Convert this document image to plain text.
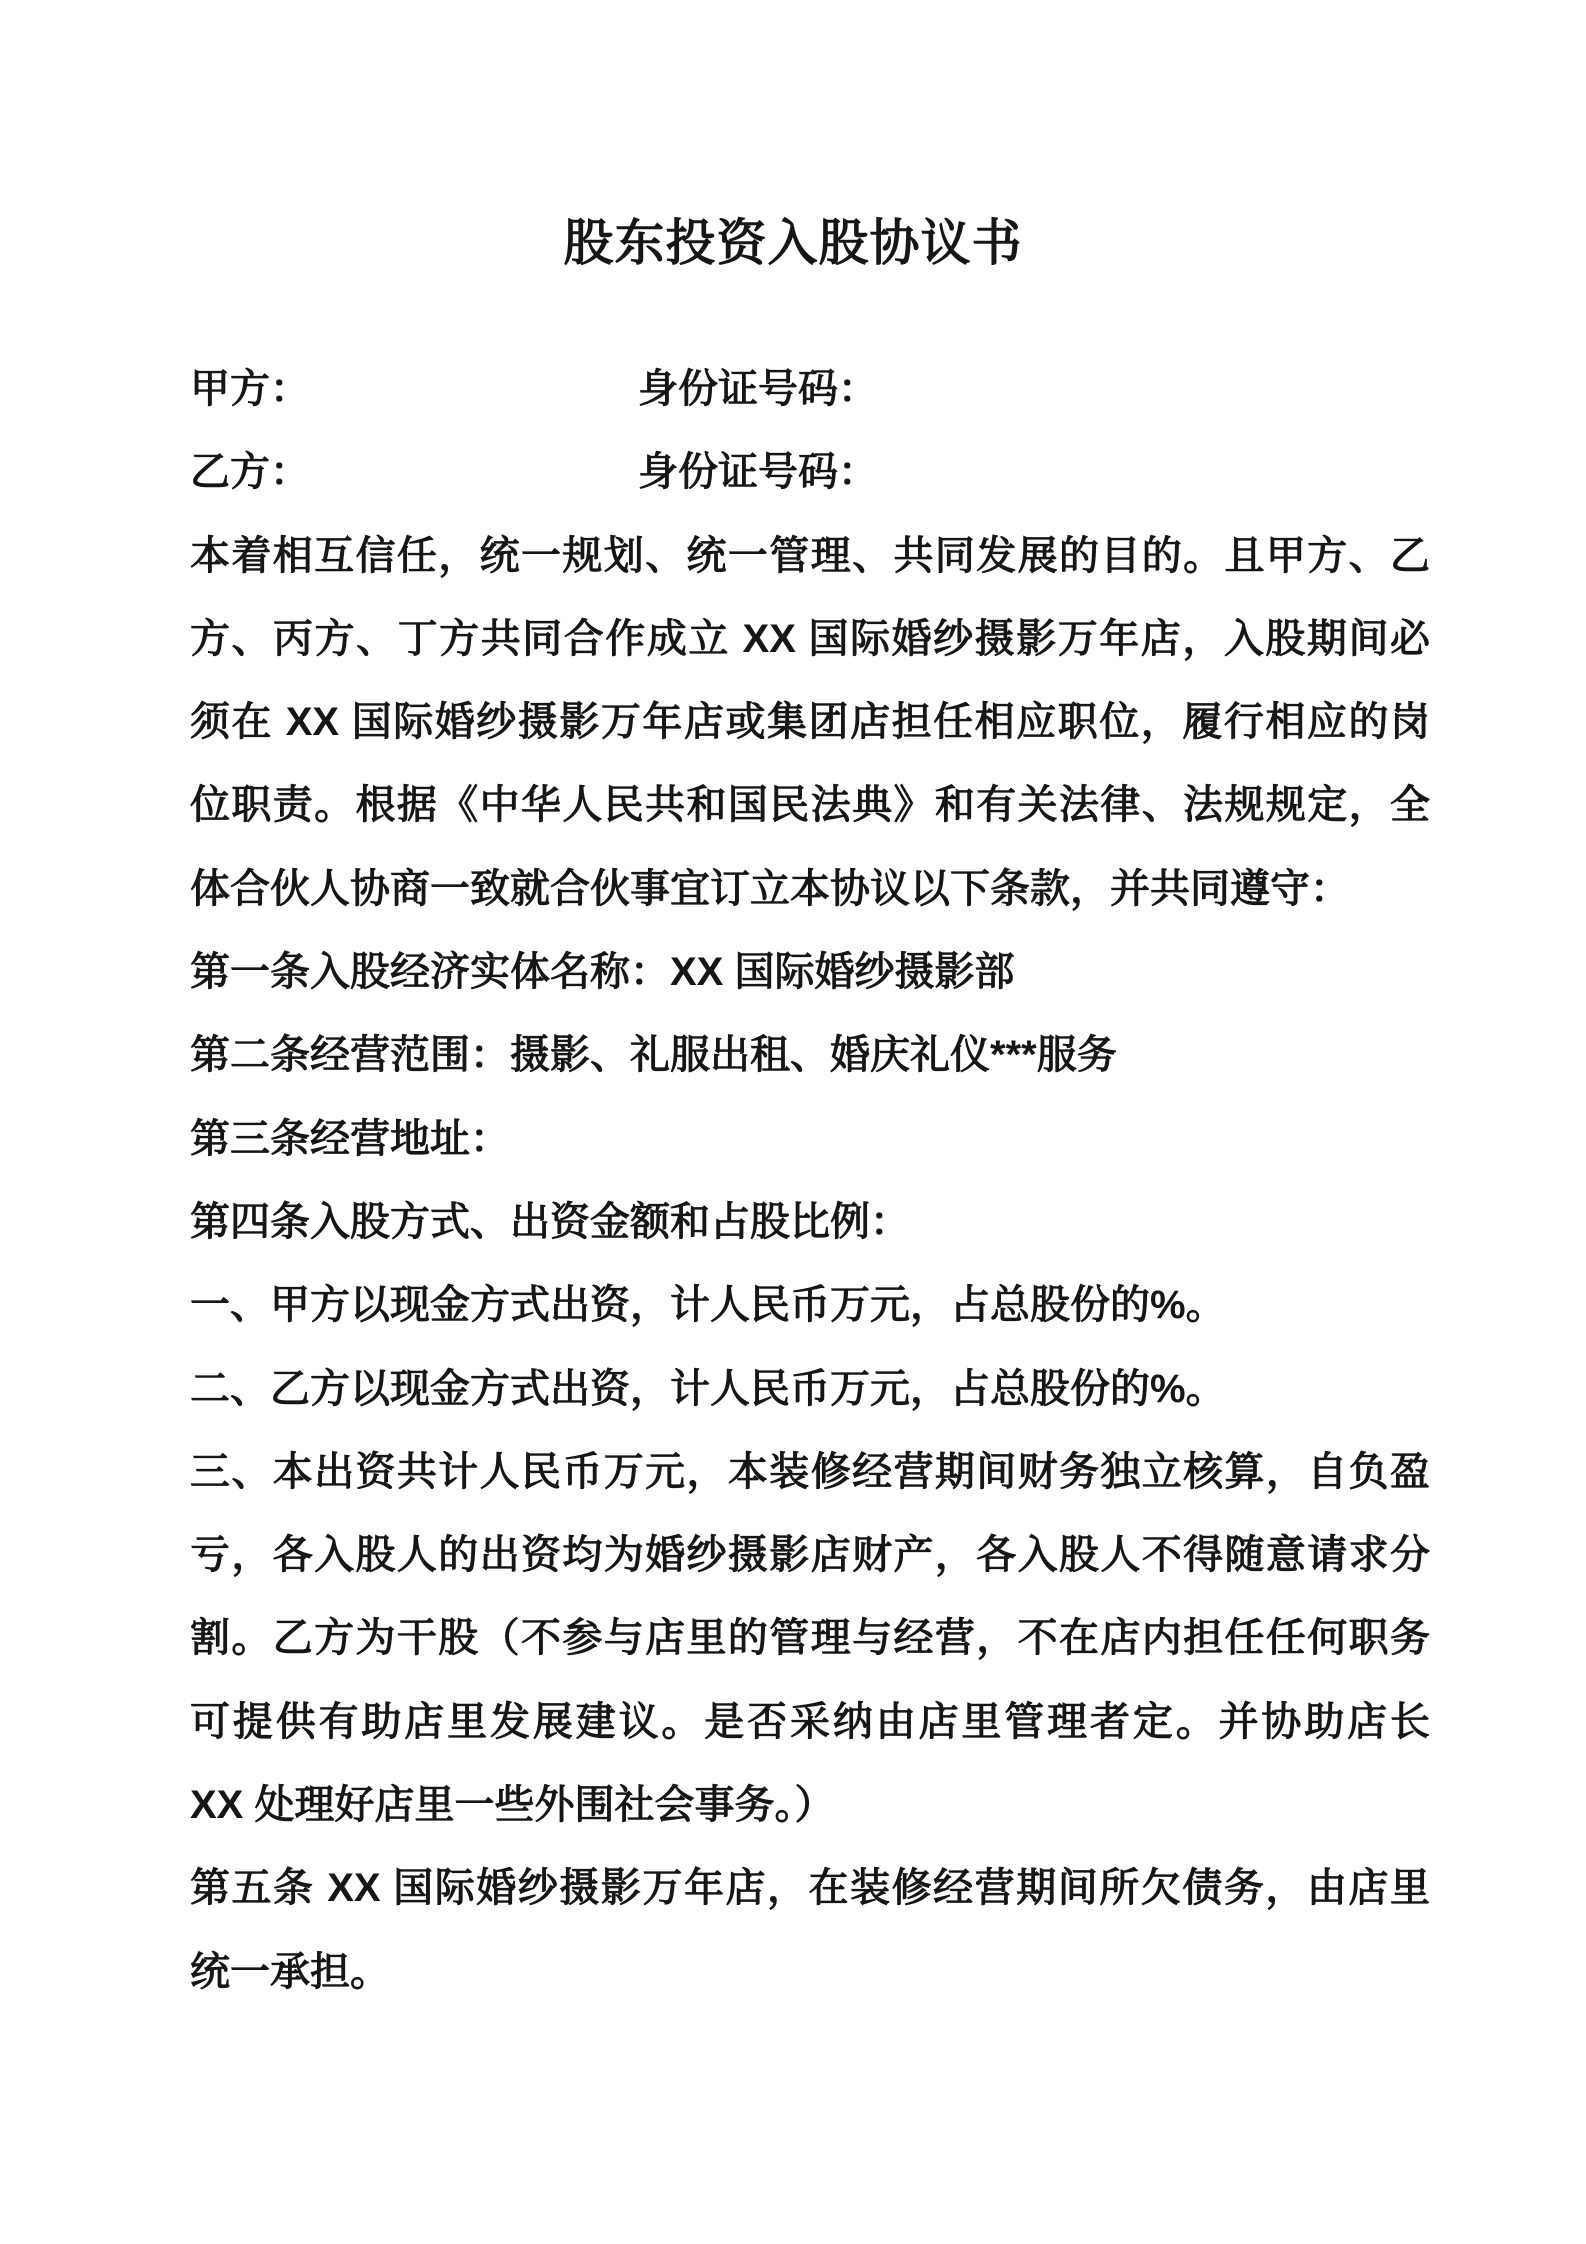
股东投资入股协议书
甲方：	身份证号码：
乙方：	身份证号码：
本着相互信任，统一规划、统一管理、共同发展的目的。且甲方、乙
方、丙方、丁方共同合作成立 XX 国际婚纱摄影万年店，入股期间必
须在 XX 国际婚纱摄影万年店或集团店担任相应职位，履行相应的岗
位职责。根据《中华人民共和国民法典》和有关法律、法规规定，全
体合伙人协商一致就合伙事宜订立本协议以下条款，并共同遵守：
第一条入股经济实体名称：XX 国际婚纱摄影部
第二条经营范围：摄影、礼服出租、婚庆礼仪***服务
第三条经营地址：
第四条入股方式、出资金额和占股比例：
一、甲方以现金方式出资，计人民币万元，占总股份的%。
二、乙方以现金方式出资，计人民币万元，占总股份的%。
三、本出资共计人民币万元，本装修经营期间财务独立核算，自负盈
亏，各入股人的出资均为婚纱摄影店财产，各入股人不得随意请求分
割。乙方为干股（不参与店里的管理与经营，不在店内担任任何职务
可提供有助店里发展建议。是否采纳由店里管理者定。并协助店长
XX 处理好店里一些外围社会事务。）
第五条 XX 国际婚纱摄影万年店，在装修经营期间所欠债务，由店里
统一承担。
